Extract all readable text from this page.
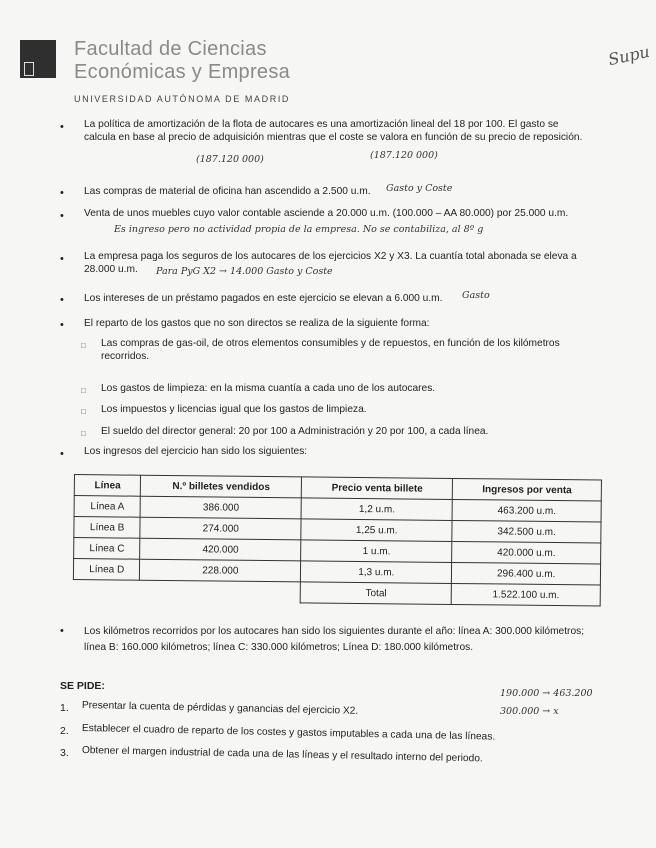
Facultad de Ciencias
Económicas y Empresa
UNIVERSIDAD AUTÓNOMA DE MADRID
Supu
• La política de amortización de la flota de autocares es una amortización lineal del 18 por 100. El gasto se calcula en base al precio de adquisición mientras que el coste se valora en función de su precio de reposición.
(187.120 000)	(187.120 000)
• Las compras de material de oficina han ascendido a 2.500 u.m.	Gasto y Coste
• Venta de unos muebles cuyo valor contable asciende a 20.000 u.m. (100.000 – AA 80.000) por 25.000 u.m.
Es ingreso pero no actividad propia de la empresa. No se contabiliza, al 8º g
• La empresa paga los seguros de los autocares de los ejercicios X2 y X3. La cuantía total abonada se eleva a 28.000 u.m.	Para PyG X2 → 14.000 Gasto y Coste
• Los intereses de un préstamo pagados en este ejercicio se elevan a 6.000 u.m.	Gasto
• El reparto de los gastos que no son directos se realiza de la siguiente forma:
□ Las compras de gas-oil, de otros elementos consumibles y de repuestos, en función de los kilómetros recorridos.
□ Los gastos de limpieza: en la misma cuantía a cada uno de los autocares.
□ Los impuestos y licencias igual que los gastos de limpieza.
□ El sueldo del director general: 20 por 100 a Administración y 20 por 100, a cada línea.
• Los ingresos del ejercicio han sido los siguientes:
Línea	N.º billetes vendidos	Precio venta billete	Ingresos por venta
Línea A	386.000	1,2 u.m.	463.200 u.m.
Línea B	274.000	1,25 u.m.	342.500 u.m.
Línea C	420.000	1 u.m.	420.000 u.m.
Línea D	228.000	1,3 u.m.	296.400 u.m.
		Total	1.522.100 u.m.
• Los kilómetros recorridos por los autocares han sido los siguientes durante el año: línea A: 300.000 kilómetros; línea B: 160.000 kilómetros; línea C: 330.000 kilómetros; Línea D: 180.000 kilómetros.
SE PIDE:
190.000 → 463.200
300.000 → x
1. Presentar la cuenta de pérdidas y ganancias del ejercicio X2.
2. Establecer el cuadro de reparto de los costes y gastos imputables a cada una de las líneas.
3. Obtener el margen industrial de cada una de las líneas y el resultado interno del periodo.
